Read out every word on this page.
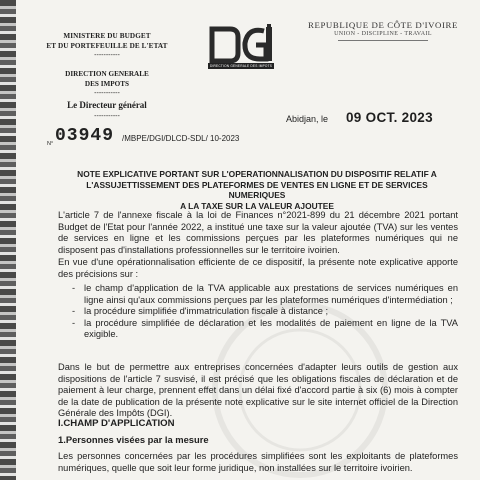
MINISTERE DU BUDGET
ET DU PORTEFEUILLE DE L'ETAT
-----------
DIRECTION GENERALE
DES IMPOTS
-----------
Le Directeur général
-----------
DIRECTION GENERALE DES IMPOTS
REPUBLIQUE DE CÔTE D'IVOIRE
UNION - DISCIPLINE - TRAVAIL
Abidjan, le 09 OCT. 2023
N° 03949 /MBPE/DGI/DLCD-SDL/ 10-2023
NOTE EXPLICATIVE PORTANT SUR L'OPERATIONNALISATION DU DISPOSITIF RELATIF A
L'ASSUJETTISSEMENT DES PLATEFORMES DE VENTES EN LIGNE ET DE SERVICES NUMERIQUES
A LA TAXE SUR LA VALEUR AJOUTEE
L'article 7 de l'annexe fiscale à la loi de Finances n°2021-899 du 21 décembre 2021 portant Budget de l'Etat pour l'année 2022, a institué une taxe sur la valeur ajoutée (TVA) sur les ventes de services en ligne et les commissions perçues par les plateformes numériques qui ne disposent pas d'installations professionnelles sur le territoire ivoirien.
En vue d'une opérationnalisation efficiente de ce dispositif, la présente note explicative apporte des précisions sur :
- le champ d'application de la TVA applicable aux prestations de services numériques en ligne ainsi qu'aux commissions perçues par les plateformes numériques d'intermédiation ;
- la procédure simplifiée d'immatriculation fiscale à distance ;
- la procédure simplifiée de déclaration et les modalités de paiement en ligne de la TVA exigible.
Dans le but de permettre aux entreprises concernées d'adapter leurs outils de gestion aux dispositions de l'article 7 susvisé, il est précisé que les obligations fiscales de déclaration et de paiement à leur charge, prennent effet dans un délai fixé d'accord partie à six (6) mois à compter de la date de publication de la présente note explicative sur le site internet officiel de la Direction Générale des Impôts (DGI).
I.CHAMP D'APPLICATION
1.Personnes visées par la mesure
Les personnes concernées par les procédures simplifiées sont les exploitants de plateformes numériques, quelle que soit leur forme juridique, non installées sur le territoire ivoirien.
